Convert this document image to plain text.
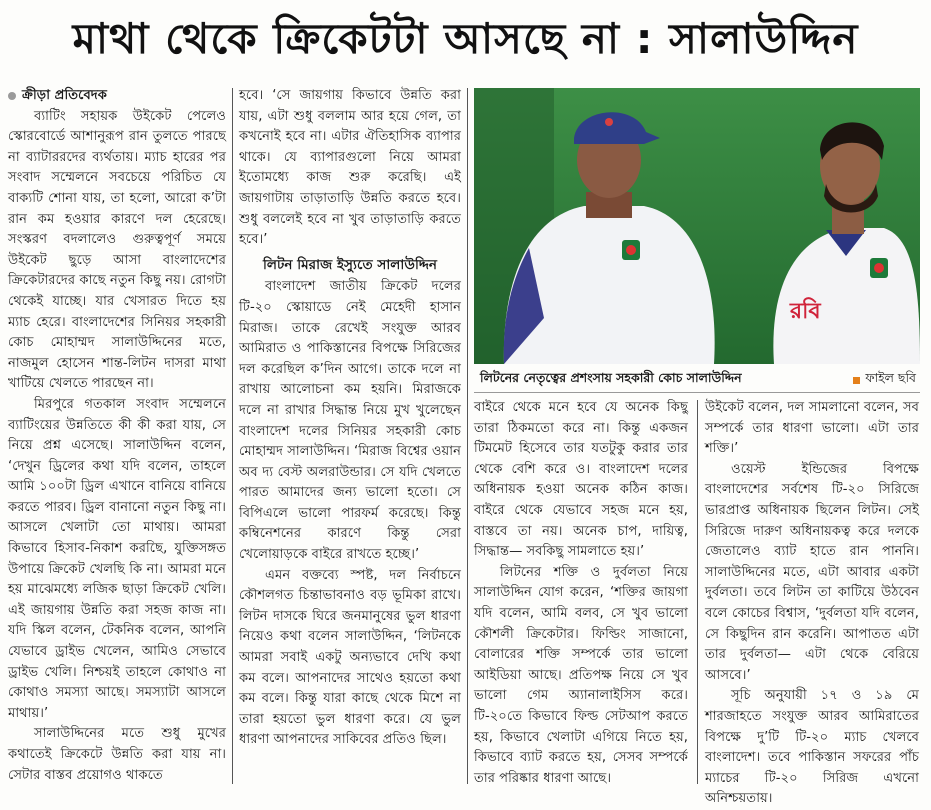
মাথা থেকে ক্রিকেটটা আসছে না : সালাউদ্দিন
ক্রীড়া প্রতিবেদক

ব্যাটিং সহায়ক উইকেট পেলেও স্কোরবোর্ডে আশানুরূপ রান তুলতে পারছে না ব্যাটাররদের ব্যর্থতায়। ম্যাচ হারের পর সংবাদ সম্মেলনে সবচেয়ে পরিচিত যে বাক্যটি শোনা যায়, তা হলো, আরো ক’টা রান কম হওয়ার কারণে দল হেরেছে। সংস্করণ বদলালেও গুরুত্বপূর্ণ সময়ে উইকেট ছুড়ে আসা বাংলাদেশের ক্রিকেটারদের কাছে নতুন কিছু নয়। রোগটা থেকেই যাচ্ছে। যার খেসারত দিতে হয় ম্যাচ হেরে। বাংলাদেশের সিনিয়র সহকারী কোচ মোহাম্মদ সালাউদ্দিনের মতে, নাজমুল হোসেন শান্ত-লিটন দাসরা মাথা খাটিয়ে খেলতে পারছেন না।

মিরপুরে গতকাল সংবাদ সম্মেলনে ব্যাটিংয়ের উন্নতিতে কী কী করা যায়, সে নিয়ে প্রশ্ন এসেছে। সালাউদ্দিন বলেন, ‘দেখুন ড্রিলের কথা যদি বলেন, তাহলে আমি ১০০টা ড্রিল এখানে বানিয়ে বানিয়ে করতে পারব। ড্রিল বানানো নতুন কিছু না। আসলে খেলাটা তো মাথায়। আমরা কিভাবে হিসাব-নিকাশ করছেি, যুক্তিসঙ্গত উপায়ে ক্রিকেট খেলছি কি না। আমরা মনে হয় মাঝেমধ্যে লজিক ছাড়া ক্রিকেট খেলি। এই জায়গায় উন্নতি করা সহজ কাজ না। যদি স্কিল বলেন, টেকনিক বলেন, আপনি যেভাবে ড্রাইভ খেলেন, আমিও সেভাবে ড্রাইভ খেলি। নিশ্চয়ই তাহলে কোথাও না কোথাও সমস্যা আছে। সমস্যাটা আসলে মাথায়।’

সালাউদ্দিনের মতে শুধু মুখের কথাতেই ক্রিকেটে উন্নতি করা যায় না। সেটার বাস্তব প্রয়োগও থাকতে

হবে। ‘সে জায়গায় কিভাবে উন্নতি করা যায়, এটা শুধু বললাম আর হয়ে গেল, তা কখনোই হবে না। এটার ঐতিহাসিক ব্যাপার থাকে। যে ব্যাপারগুলো নিয়ে আমরা ইতোমধ্যে কাজ শুরু করেছি। এই জায়গাটায় তাড়াতাড়ি উন্নতি করতে হবে। শুধু বললেই হবে না খুব তাড়াতাড়ি করতে হবে।’

লিটন মিরাজ ইস্যুতে সালাউদ্দিন

বাংলাদেশ জাতীয় ক্রিকেট দলের টি-২০ স্কোয়াডে নেই মেহেদী হাসান মিরাজ। তাকে রেখেই সংযুক্ত আরব আমিরাত ও পাকিস্তানের বিপক্ষে সিরিজের দল করেছিল ক’দিন আগে। তাকে দলে না রাখায় আলোচনা কম হয়নি। মিরাজকে দলে না রাখার সিদ্ধান্ত নিয়ে মুখ খুলেছেন বাংলাদেশ দলের সিনিয়র সহকারী কোচ মোহাম্মদ সালাউদ্দিন। ‘মিরাজ বিশ্বের ওয়ান অব দ্য বেস্ট অলরাউন্ডার। সে যদি খেলতে পারত আমাদের জন্য ভালো হতো। সে বিপিএলে ভালো পারফর্ম করেছে। কিন্তু কম্বিনেশনের কারণে কিন্তু সেরা খেলোয়াড়কে বাইরে রাখতে হচ্ছে।’

এমন বক্তব্যে স্পষ্ট, দল নির্বাচনে কৌশলগত চিন্তাভাবনাও বড় ভূমিকা রাখে। লিটন দাসকে ঘিরে জনমানুষের ভুল ধারণা নিয়েও কথা বলেন সালাউদ্দিন, ‘লিটনকে আমরা সবাই একটু অন্যভাবে দেখি কথা কম বলে। আপনাদের সাথেও হয়তো কথা কম বলে। কিন্তু যারা কাছে থেকে মিশে না তারা হয়তো ভুল ধারণা করে। যে ভুল ধারণা আপনাদের সাকিবের প্রতিও ছিল।

রবি
লিটনের নেতৃত্বের প্রশংসায় সহকারী কোচ সালাউদ্দিন	ফাইল ছবি

বাইরে থেকে মনে হবে যে অনেক কিছু তারা ঠিকমতো করে না। কিন্তু একজন টিমমেট হিসেবে তার যতটুকু করার তার থেকে বেশি করে ও। বাংলাদেশ দলের অধিনায়ক হওয়া অনেক কঠিন কাজ। বাইরে থেকে যেভাবে সহজ মনে হয়, বাস্তবে তা নয়। অনেক চাপ, দায়িত্ব, সিদ্ধান্ত— সবকিছু সামলাতে হয়।’

লিটনের শক্তি ও দুর্বলতা নিয়ে সালাউদ্দিন যোগ করেন, ‘শক্তির জায়গা যদি বলেন, আমি বলব, সে খুব ভালো কৌশলী ক্রিকেটার। ফিল্ডিং সাজানো, বোলারের শক্তি সম্পর্কে তার ভালো আইডিয়া আছে। প্রতিপক্ষ নিয়ে সে খুব ভালো গেম অ্যানালাইসিস করে। টি-২০তে কিভাবে ফিল্ড সেটআপ করতে হয়, কিভাবে খেলাটা এগিয়ে নিতে হয়, কিভাবে ব্যাট করতে হয়, সেসব সম্পর্কে তার পরিষ্কার ধারণা আছে।

উইকেট বলেন, দল সামলানো বলেন, সব সম্পর্কে তার ধারণা ভালো। এটা তার শক্তি।’

ওয়েস্ট ইন্ডিজের বিপক্ষে বাংলাদেশের সর্বশেষ টি-২০ সিরিজে ভারপ্রাপ্ত অধিনায়ক ছিলেন লিটন। সেই সিরিজে দারুণ অধিনায়কত্ব করে দলকে জেতালেও ব্যাট হাতে রান পাননি। সালাউদ্দিনের মতে, এটা আবার একটা দুর্বলতা। তবে লিটন তা কাটিয়ে উঠবেন বলে কোচের বিশ্বাস, ‘দুর্বলতা যদি বলেন, সে কিছুদিন রান করেনি। আপাতত এটা তার দুর্বলতা— এটা থেকে বেরিয়ে আসবে।’

সূচি অনুযায়ী ১৭ ও ১৯ মে শারজাহতে সংযুক্ত আরব আমিরাতের বিপক্ষে দু’টি টি-২০ ম্যাচ খেলবে বাংলাদেশ। তবে পাকিস্তান সফরের পাঁচ ম্যাচের টি-২০ সিরিজ এখনো অনিশ্চয়তায়।
